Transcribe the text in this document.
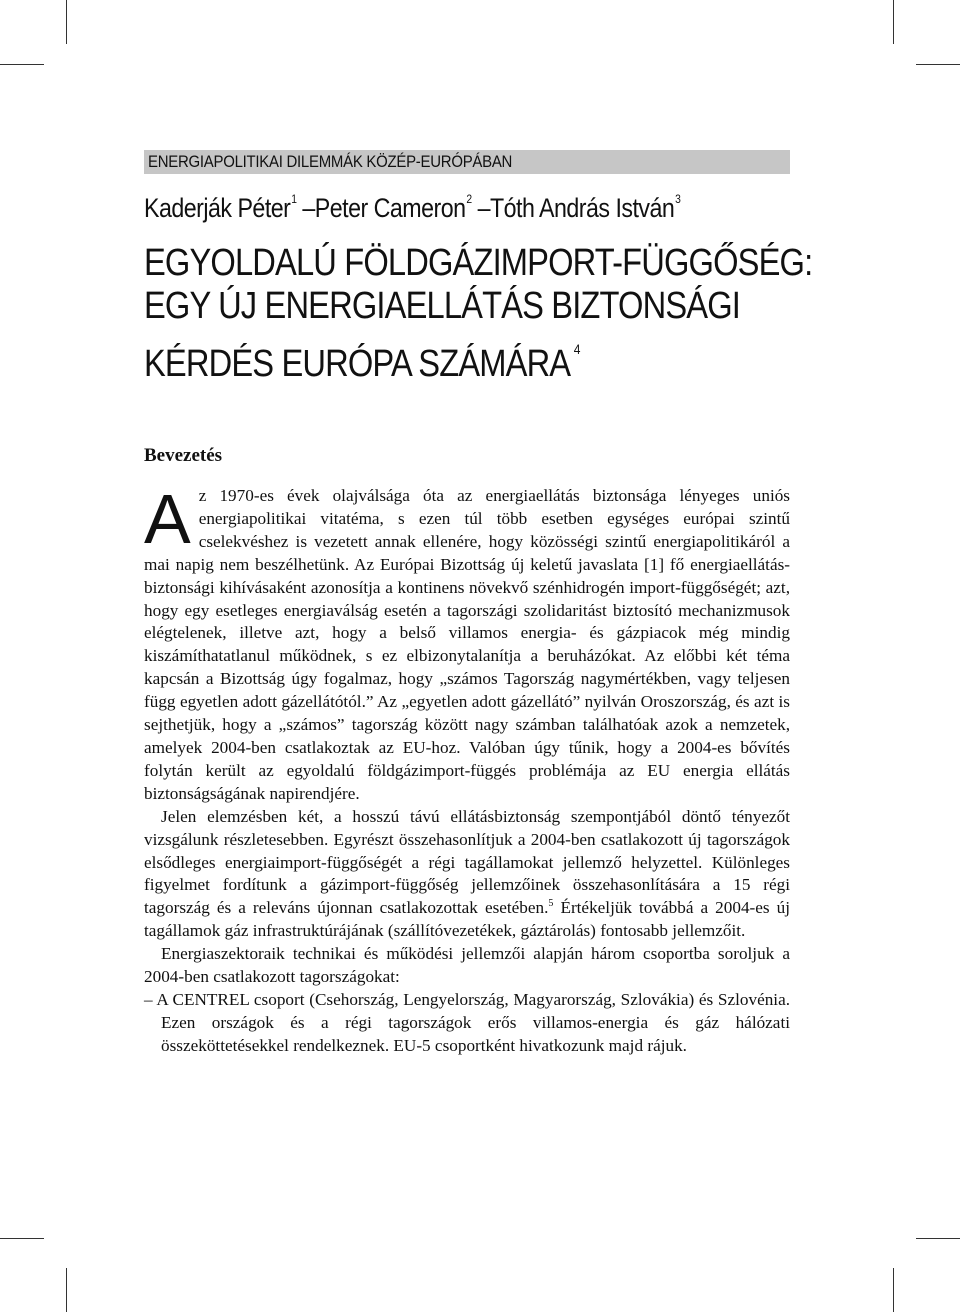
ENERGIAPOLITIKAI DILEMMÁK KÖZÉP-EURÓPÁBAN
Kaderják Péter$^1$ –Peter Cameron$^2$ –Tóth András István$^3$
EGYOLDALÚ FÖLDGÁZIMPORT-FÜGGŐSÉG:
EGY ÚJ ENERGIAELLÁTÁS BIZTONSÁGI
KÉRDÉS EURÓPA SZÁMÁRA $^4$
Bevezetés

Az 1970-es évek olajválsága óta az energiaellátás biztonsága lényeges uniós energiapolitikai vitatéma, s ezen túl több esetben egységes európai szintű cselekvéshez is vezetett annak ellenére, hogy közösségi szintű energiapolitikáról a mai napig nem beszélhetünk. Az Európai Bizottság új keletű javaslata [1] fő energiaellátás-biztonsági kihívásaként azonosítja a kontinens növekvő szénhidrogén import-függőségét; azt, hogy egy esetleges energiaválság esetén a tagországi szolidaritást biztosító mechanizmusok elégtelenek, illetve azt, hogy a belső villamos energia- és gázpiacok még mindig kiszámíthatatlanul működnek, s ez elbizonytalanítja a beruházókat. Az előbbi két téma kapcsán a Bizottság úgy fogalmaz, hogy „számos Tagország nagymértékben, vagy teljesen függ egyetlen adott gázellátótól.” Az „egyetlen adott gázellátó” nyilván Oroszország, és azt is sejthetjük, hogy a „számos” tagország között nagy számban találhatóak azok a nemzetek, amelyek 2004-ben csatlakoztak az EU-hoz. Valóban úgy tűnik, hogy a 2004-es bővítés folytán került az egyoldalú földgázimport-függés problémája az EU energia ellátás biztonságságának napirendjére.

Jelen elemzésben két, a hosszú távú ellátásbiztonság szempontjából döntő tényezőt vizsgálunk részletesebben. Egyrészt összehasonlítjuk a 2004-ben csatlakozott új tagországok elsődleges energiaimport-függőségét a régi tagállamokat jellemző helyzettel. Különleges figyelmet fordítunk a gázimport-függőség jellemzőinek összehasonlítására a 15 régi tagország és a releváns újonnan csatlakozottak esetében.$^5$ Értékeljük továbbá a 2004-es új tagállamok gáz infrastruktúrájának (szállítóvezetékek, gáztárolás) fontosabb jellemzőit.

Energiaszektoraik technikai és működési jellemzői alapján három csoportba soroljuk a 2004-ben csatlakozott tagországokat:

– A CENTREL csoport (Csehország, Lengyelország, Magyarország, Szlovákia) és Szlovénia. Ezen országok és a régi tagországok erős villamos-energia és gáz hálózati összeköttetésekkel rendelkeznek. EU-5 csoportként hivatkozunk majd rájuk.
